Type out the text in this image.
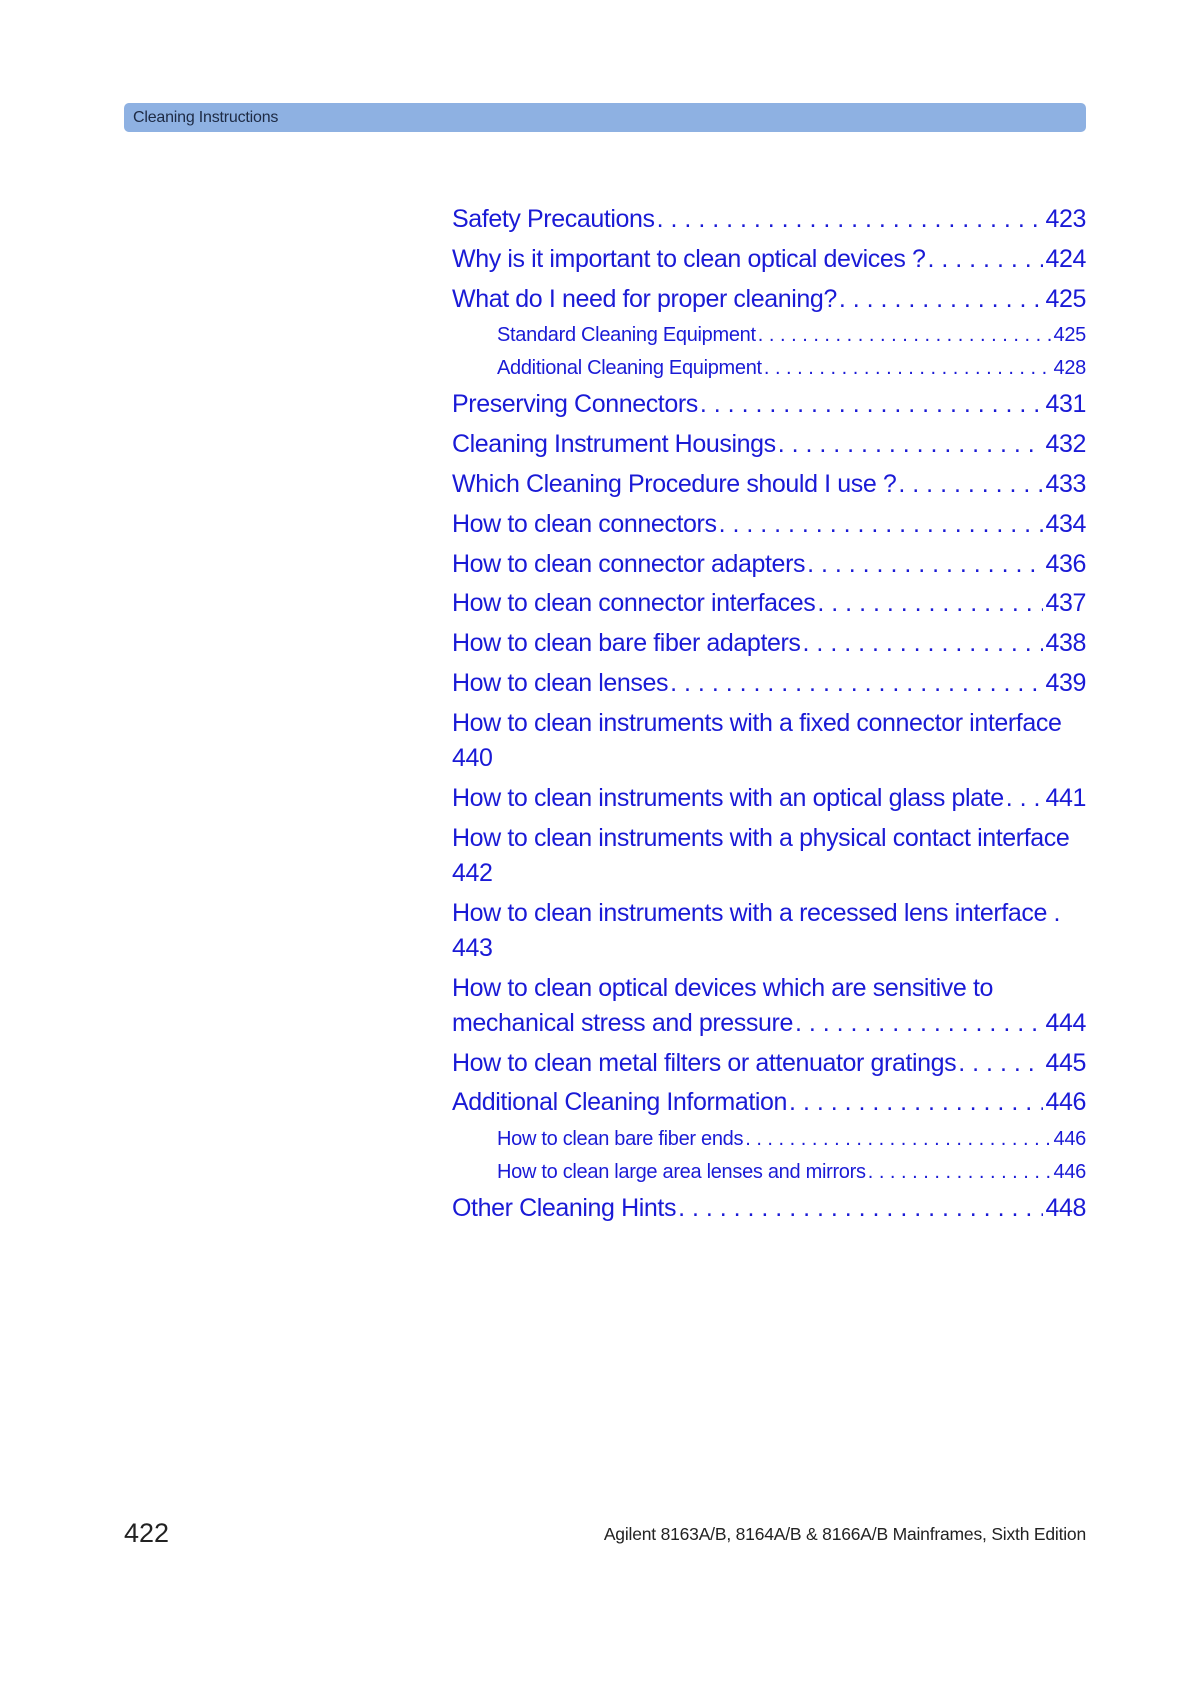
Cleaning Instructions
Safety Precautions . . .	423
Why is it important to clean optical devices ? . . .	424
What do I need for proper cleaning? . . .	425
Standard Cleaning Equipment . . .	425
Additional Cleaning Equipment . . .	428
Preserving Connectors . . .	431
Cleaning Instrument Housings . . .	432
Which Cleaning Procedure should I use ? . . .	433
How to clean connectors . . .	434
How to clean connector adapters . . .	436
How to clean connector interfaces . . .	437
How to clean bare fiber adapters . . .	438
How to clean lenses . . .	439
How to clean instruments with a fixed connector interface
440
How to clean instruments with an optical glass plate . . . 441
How to clean instruments with a physical contact interface
442
How to clean instruments with a recessed lens interface .
443
How to clean optical devices which are sensitive to
mechanical stress and pressure . . .	444
How to clean metal filters or attenuator gratings . . .	445
Additional Cleaning Information . . .	446
How to clean bare fiber ends . . .	446
How to clean large area lenses and mirrors . . .	446
Other Cleaning Hints . . .	448
422	Agilent 8163A/B, 8164A/B & 8166A/B Mainframes, Sixth Edition
